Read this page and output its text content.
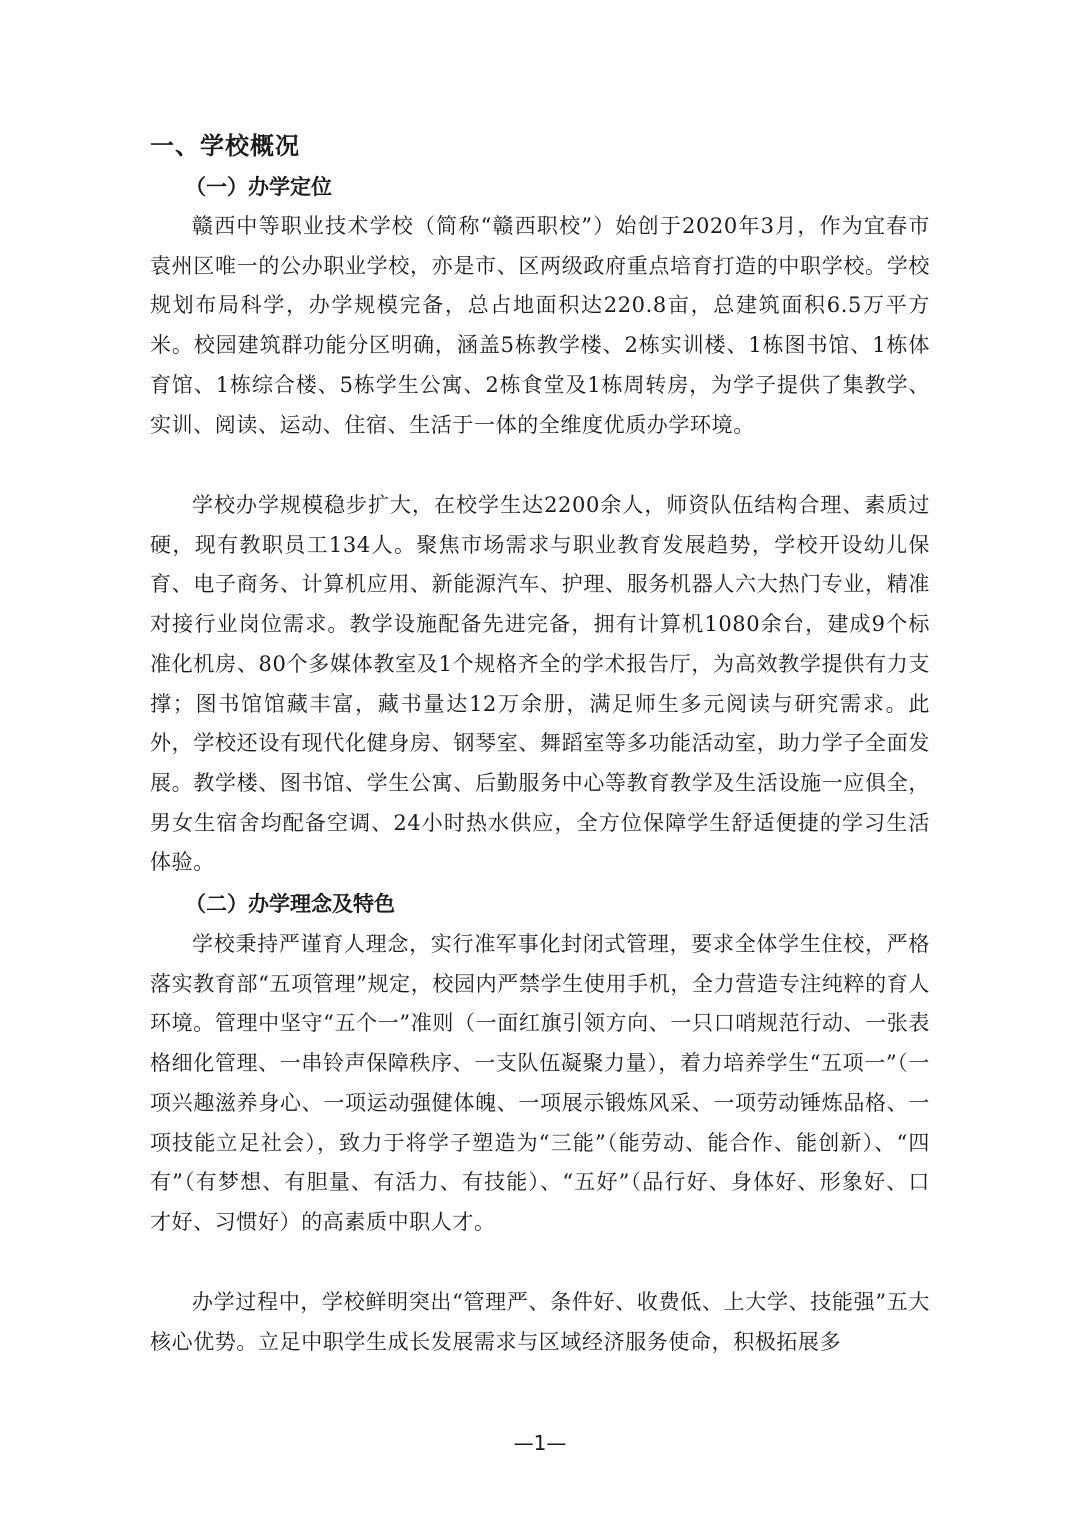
一、学校概况
（一）办学定位

赣西中等职业技术学校（简称“赣西职校”）始创于2020年3月，作为宜春市袁州区唯一的公办职业学校，亦是市、区两级政府重点培育打造的中职学校。学校规划布局科学，办学规模完备，总占地面积达220.8亩，总建筑面积6.5万平方米。校园建筑群功能分区明确，涵盖5栋教学楼、2栋实训楼、1栋图书馆、1栋体育馆、1栋综合楼、5栋学生公寓、2栋食堂及1栋周转房，为学子提供了集教学、实训、阅读、运动、住宿、生活于一体的全维度优质办学环境。

学校办学规模稳步扩大，在校学生达2200余人，师资队伍结构合理、素质过硬，现有教职员工134人。聚焦市场需求与职业教育发展趋势，学校开设幼儿保育、电子商务、计算机应用、新能源汽车、护理、服务机器人六大热门专业，精准对接行业岗位需求。教学设施配备先进完备，拥有计算机1080余台，建成9个标准化机房、80个多媒体教室及1个规格齐全的学术报告厅，为高效教学提供有力支撑；图书馆馆藏丰富，藏书量达12万余册，满足师生多元阅读与研究需求。此外，学校还设有现代化健身房、钢琴室、舞蹈室等多功能活动室，助力学子全面发展。教学楼、图书馆、学生公寓、后勤服务中心等教育教学及生活设施一应俱全，男女生宿舍均配备空调、24小时热水供应，全方位保障学生舒适便捷的学习生活体验。

（二）办学理念及特色

学校秉持严谨育人理念，实行准军事化封闭式管理，要求全体学生住校，严格落实教育部“五项管理”规定，校园内严禁学生使用手机，全力营造专注纯粹的育人环境。管理中坚守“五个一”准则（一面红旗引领方向、一只口哨规范行动、一张表格细化管理、一串铃声保障秩序、一支队伍凝聚力量），着力培养学生“五项一”（一项兴趣滋养身心、一项运动强健体魄、一项展示锻炼风采、一项劳动锤炼品格、一项技能立足社会），致力于将学子塑造为“三能”（能劳动、能合作、能创新）、“四有”（有梦想、有胆量、有活力、有技能）、“五好”（品行好、身体好、形象好、口才好、习惯好）的高素质中职人才。

办学过程中，学校鲜明突出“管理严、条件好、收费低、上大学、技能强”五大核心优势。立足中职学生成长发展需求与区域经济服务使命，积极拓展多

—1—
